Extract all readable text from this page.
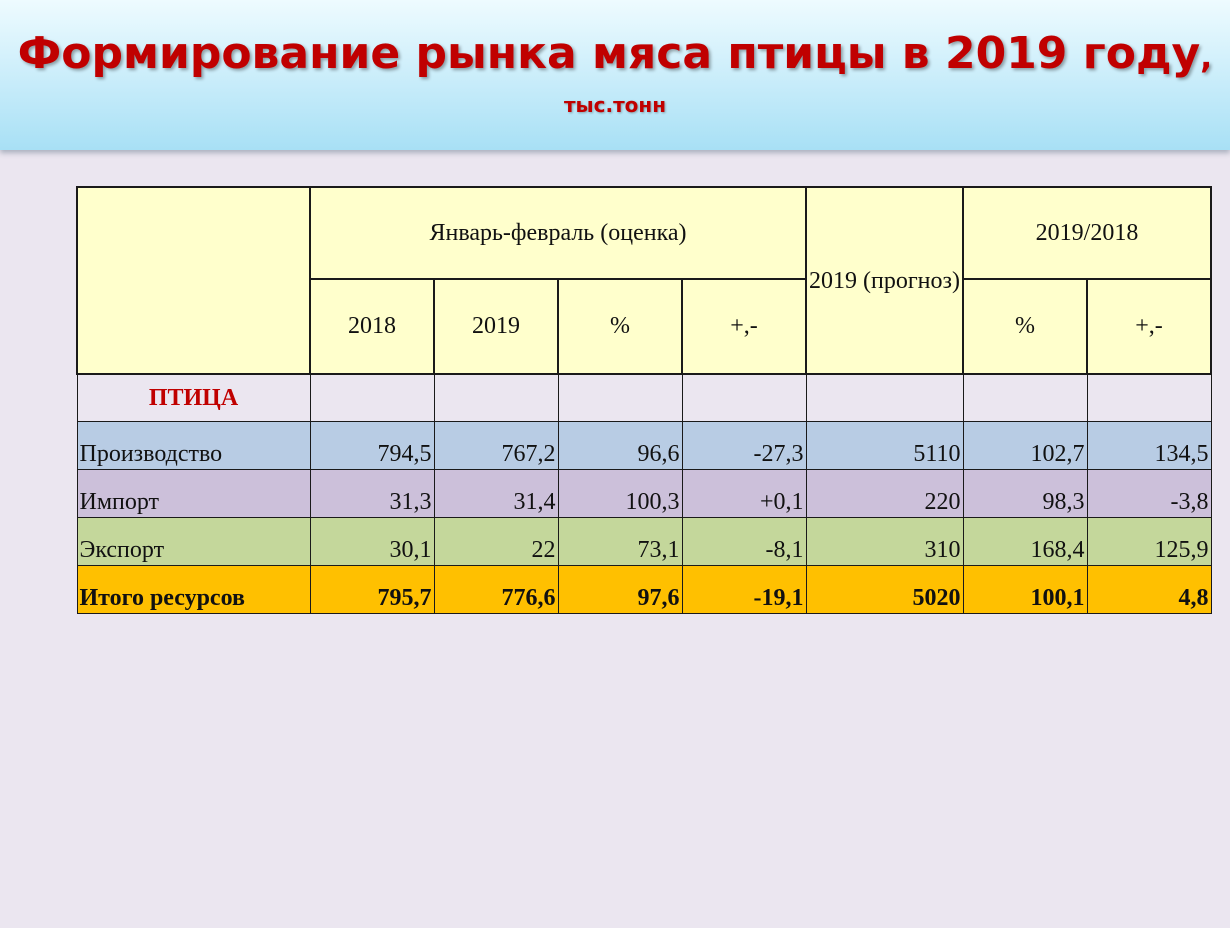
Формирование рынка мяса птицы в 2019 году,
тыс.тонн
	Январь-февраль (оценка)				2019 (прогноз)	2019/2018	
	2018	2019	%	+,-		%	+,-
ПТИЦА							
Производство	794,5	767,2	96,6	-27,3	5110	102,7	134,5
Импорт	31,3	31,4	100,3	+0,1	220	98,3	-3,8
Экспорт	30,1	22	73,1	-8,1	310	168,4	125,9
Итого ресурсов	795,7	776,6	97,6	-19,1	5020	100,1	4,8
